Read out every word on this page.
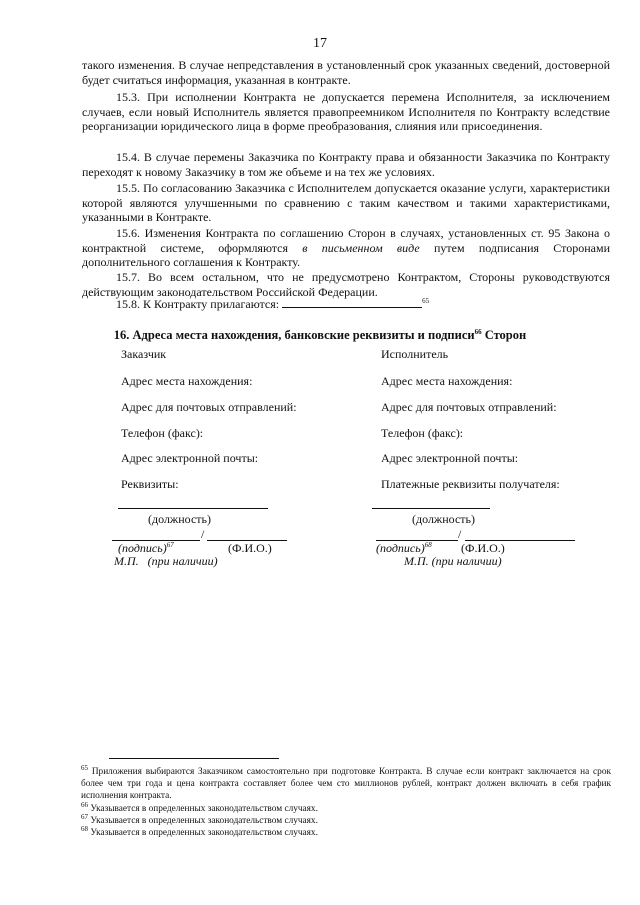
17
такого изменения. В случае непредставления в установленный срок указанных сведений, достоверной будет считаться информация, указанная в контракте.
15.3. При исполнении Контракта не допускается перемена Исполнителя, за исключением случаев, если новый Исполнитель является правопреемником Исполнителя по Контракту вследствие реорганизации юридического лица в форме преобразования, слияния или присоединения.
15.4. В случае перемены Заказчика по Контракту права и обязанности Заказчика по Контракту переходят к новому Заказчику в том же объеме и на тех же условиях.
15.5. По согласованию Заказчика с Исполнителем допускается оказание услуги, характеристики которой являются улучшенными по сравнению с таким качеством и такими характеристиками, указанными в Контракте.
15.6. Изменения Контракта по соглашению Сторон в случаях, установленных ст. 95 Закона о контрактной системе, оформляются в письменном виде путем подписания Сторонами дополнительного соглашения к Контракту.
15.7. Во всем остальном, что не предусмотрено Контрактом, Стороны руководствуются действующим законодательством Российской Федерации.
15.8. К Контракту прилагаются:	$^{65}$
16. Адреса места нахождения, банковские реквизиты и подписи$^{66}$ Сторон
Заказчик
Адрес места нахождения:
Адрес для почтовых отправлений:
Телефон (факс):
Адрес электронной почты:
Реквизиты:
(должность)
/
(подпись)$^{67}$	(Ф.И.О.)
М.П.   (при наличии)
Исполнитель
Адрес места нахождения:
Адрес для почтовых отправлений:
Телефон (факс):
Адрес электронной почты:
Платежные реквизиты получателя:
(должность)
/
(подпись)$^{68}$ (Ф.И.О.)
М.П. (при наличии)
$^{65}$ Приложения выбираются Заказчиком самостоятельно при подготовке Контракта. В случае если контракт заключается на срок более чем три года и цена контракта составляет более чем сто миллионов рублей, контракт должен включать в себя график исполнения контракта.
$^{66}$ Указывается в определенных законодательством случаях.
$^{67}$ Указывается в определенных законодательством случаях.
$^{68}$ Указывается в определенных законодательством случаях.
